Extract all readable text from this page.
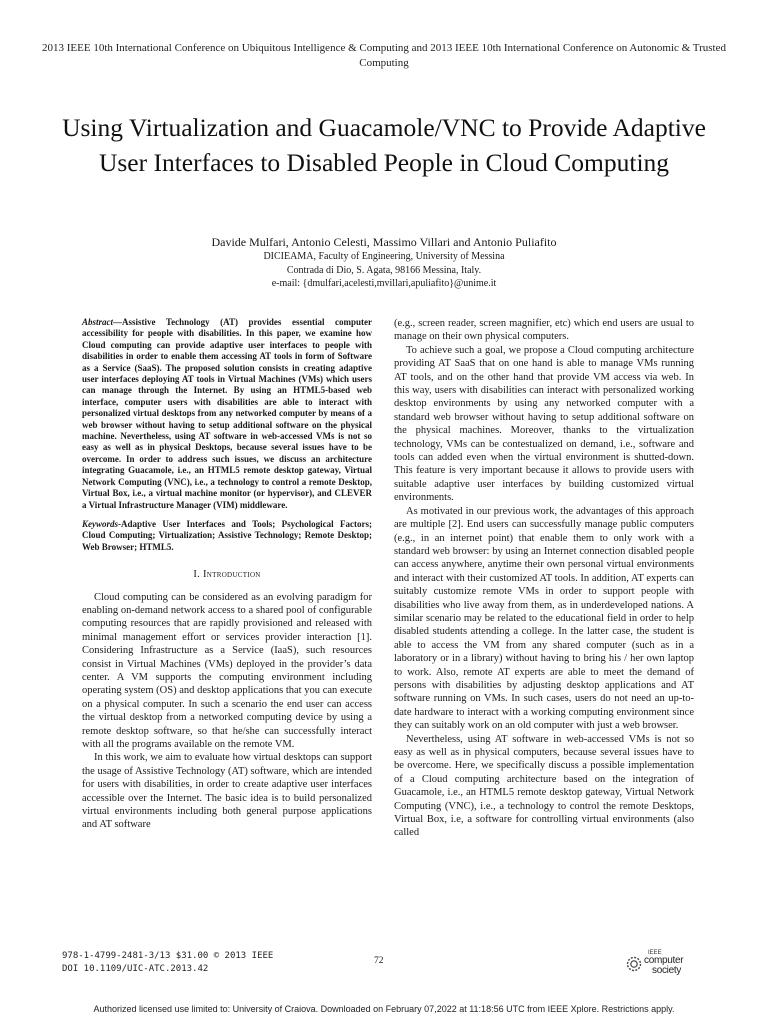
2013 IEEE 10th International Conference on Ubiquitous Intelligence & Computing and 2013 IEEE 10th International Conference on Autonomic & Trusted Computing
Using Virtualization and Guacamole/VNC to Provide Adaptive User Interfaces to Disabled People in Cloud Computing
Davide Mulfari, Antonio Celesti, Massimo Villari and Antonio Puliafito
DICIEAMA, Faculty of Engineering, University of Messina
Contrada di Dio, S. Agata, 98166 Messina, Italy.
e-mail: {dmulfari,acelesti,mvillari,apuliafito}@unime.it

Abstract—Assistive Technology (AT) provides essential computer accessibility for people with disabilities. In this paper, we examine how Cloud computing can provide adaptive user interfaces to people with disabilities in order to enable them accessing AT tools in form of Software as a Service (SaaS). The proposed solution consists in creating adaptive user interfaces deploying AT tools in Virtual Machines (VMs) which users can manage through the Internet. By using an HTML5-based web interface, computer users with disabilities are able to interact with personalized virtual desktops from any networked computer by means of a web browser without having to setup additional software on the physical machine. Nevertheless, using AT software in web-accessed VMs is not so easy as well as in physical Desktops, because several issues have to be overcome. In order to address such issues, we discuss an architecture integrating Guacamole, i.e., an HTML5 remote desktop gateway, Virtual Network Computing (VNC), i.e., a technology to control a remote Desktop, Virtual Box, i.e., a virtual machine monitor (or hypervisor), and CLEVER a Virtual Infrastructure Manager (VIM) middleware.

Keywords-Adaptive User Interfaces and Tools; Psychological Factors; Cloud Computing; Virtualization; Assistive Technology; Remote Desktop; Web Browser; HTML5.

I. Introduction

Cloud computing can be considered as an evolving paradigm for enabling on-demand network access to a shared pool of configurable computing resources that are rapidly provisioned and released with minimal management effort or services provider interaction [1]. Considering Infrastructure as a Service (IaaS), such resources consist in Virtual Machines (VMs) deployed in the provider’s data center. A VM supports the computing environment including operating system (OS) and desktop applications that you can execute on a physical computer. In such a scenario the end user can access the virtual desktop from a networked computing device by using a remote desktop software, so that he/she can successfully interact with all the programs available on the remote VM.

In this work, we aim to evaluate how virtual desktops can support the usage of Assistive Technology (AT) software, which are intended for users with disabilities, in order to create adaptive user interfaces accessible over the Internet. The basic idea is to build personalized virtual environments including both general purpose applications and AT software

(e.g., screen reader, screen magnifier, etc) which end users are usual to manage on their own physical computers.

To achieve such a goal, we propose a Cloud computing architecture providing AT SaaS that on one hand is able to manage VMs running AT tools, and on the other hand that provide VM access via web. In this way, users with disabilities can interact with personalized working desktop environments by using any networked computer with a standard web browser without having to setup additional software on the physical machines. Moreover, thanks to the virtualization technology, VMs can be contestualized on demand, i.e., software and tools can added even when the virtual environment is shutted-down. This feature is very important because it allows to provide users with suitable adaptive user interfaces by building customized virtual environments.

As motivated in our previous work, the advantages of this approach are multiple [2]. End users can successfully manage public computers (e.g., in an internet point) that enable them to only work with a standard web browser: by using an Internet connection disabled people can access anywhere, anytime their own personal virtual environments and interact with their customized AT tools. In addition, AT experts can suitably customize remote VMs in order to support people with disabilities who live away from them, as in underdeveloped nations. A similar scenario may be related to the educational field in order to help disabled students attending a college. In the latter case, the student is able to access the VM from any shared computer (such as in a laboratory or in a library) without having to bring his / her own laptop to work. Also, remote AT experts are able to meet the demand of persons with disabilities by adjusting desktop applications and AT software running on VMs. In such cases, users do not need an up-to-date hardware to interact with a working computing environment since they can suitably work on an old computer with just a web browser.

Nevertheless, using AT software in web-accessed VMs is not so easy as well as in physical computers, because several issues have to be overcome. Here, we specifically discuss a possible implementation of a Cloud computing architecture based on the integration of Guacamole, i.e., an HTML5 remote desktop gateway, Virtual Network Computing (VNC), i.e., a technology to control the remote Desktops, Virtual Box, i.e, a software for controlling virtual environments (also called

978-1-4799-2481-3/13 $31.00 © 2013 IEEE
DOI 10.1109/UIC-ATC.2013.42
72
IEEE
computer
society
Authorized licensed use limited to: University of Craiova. Downloaded on February 07,2022 at 11:18:56 UTC from IEEE Xplore. Restrictions apply.
